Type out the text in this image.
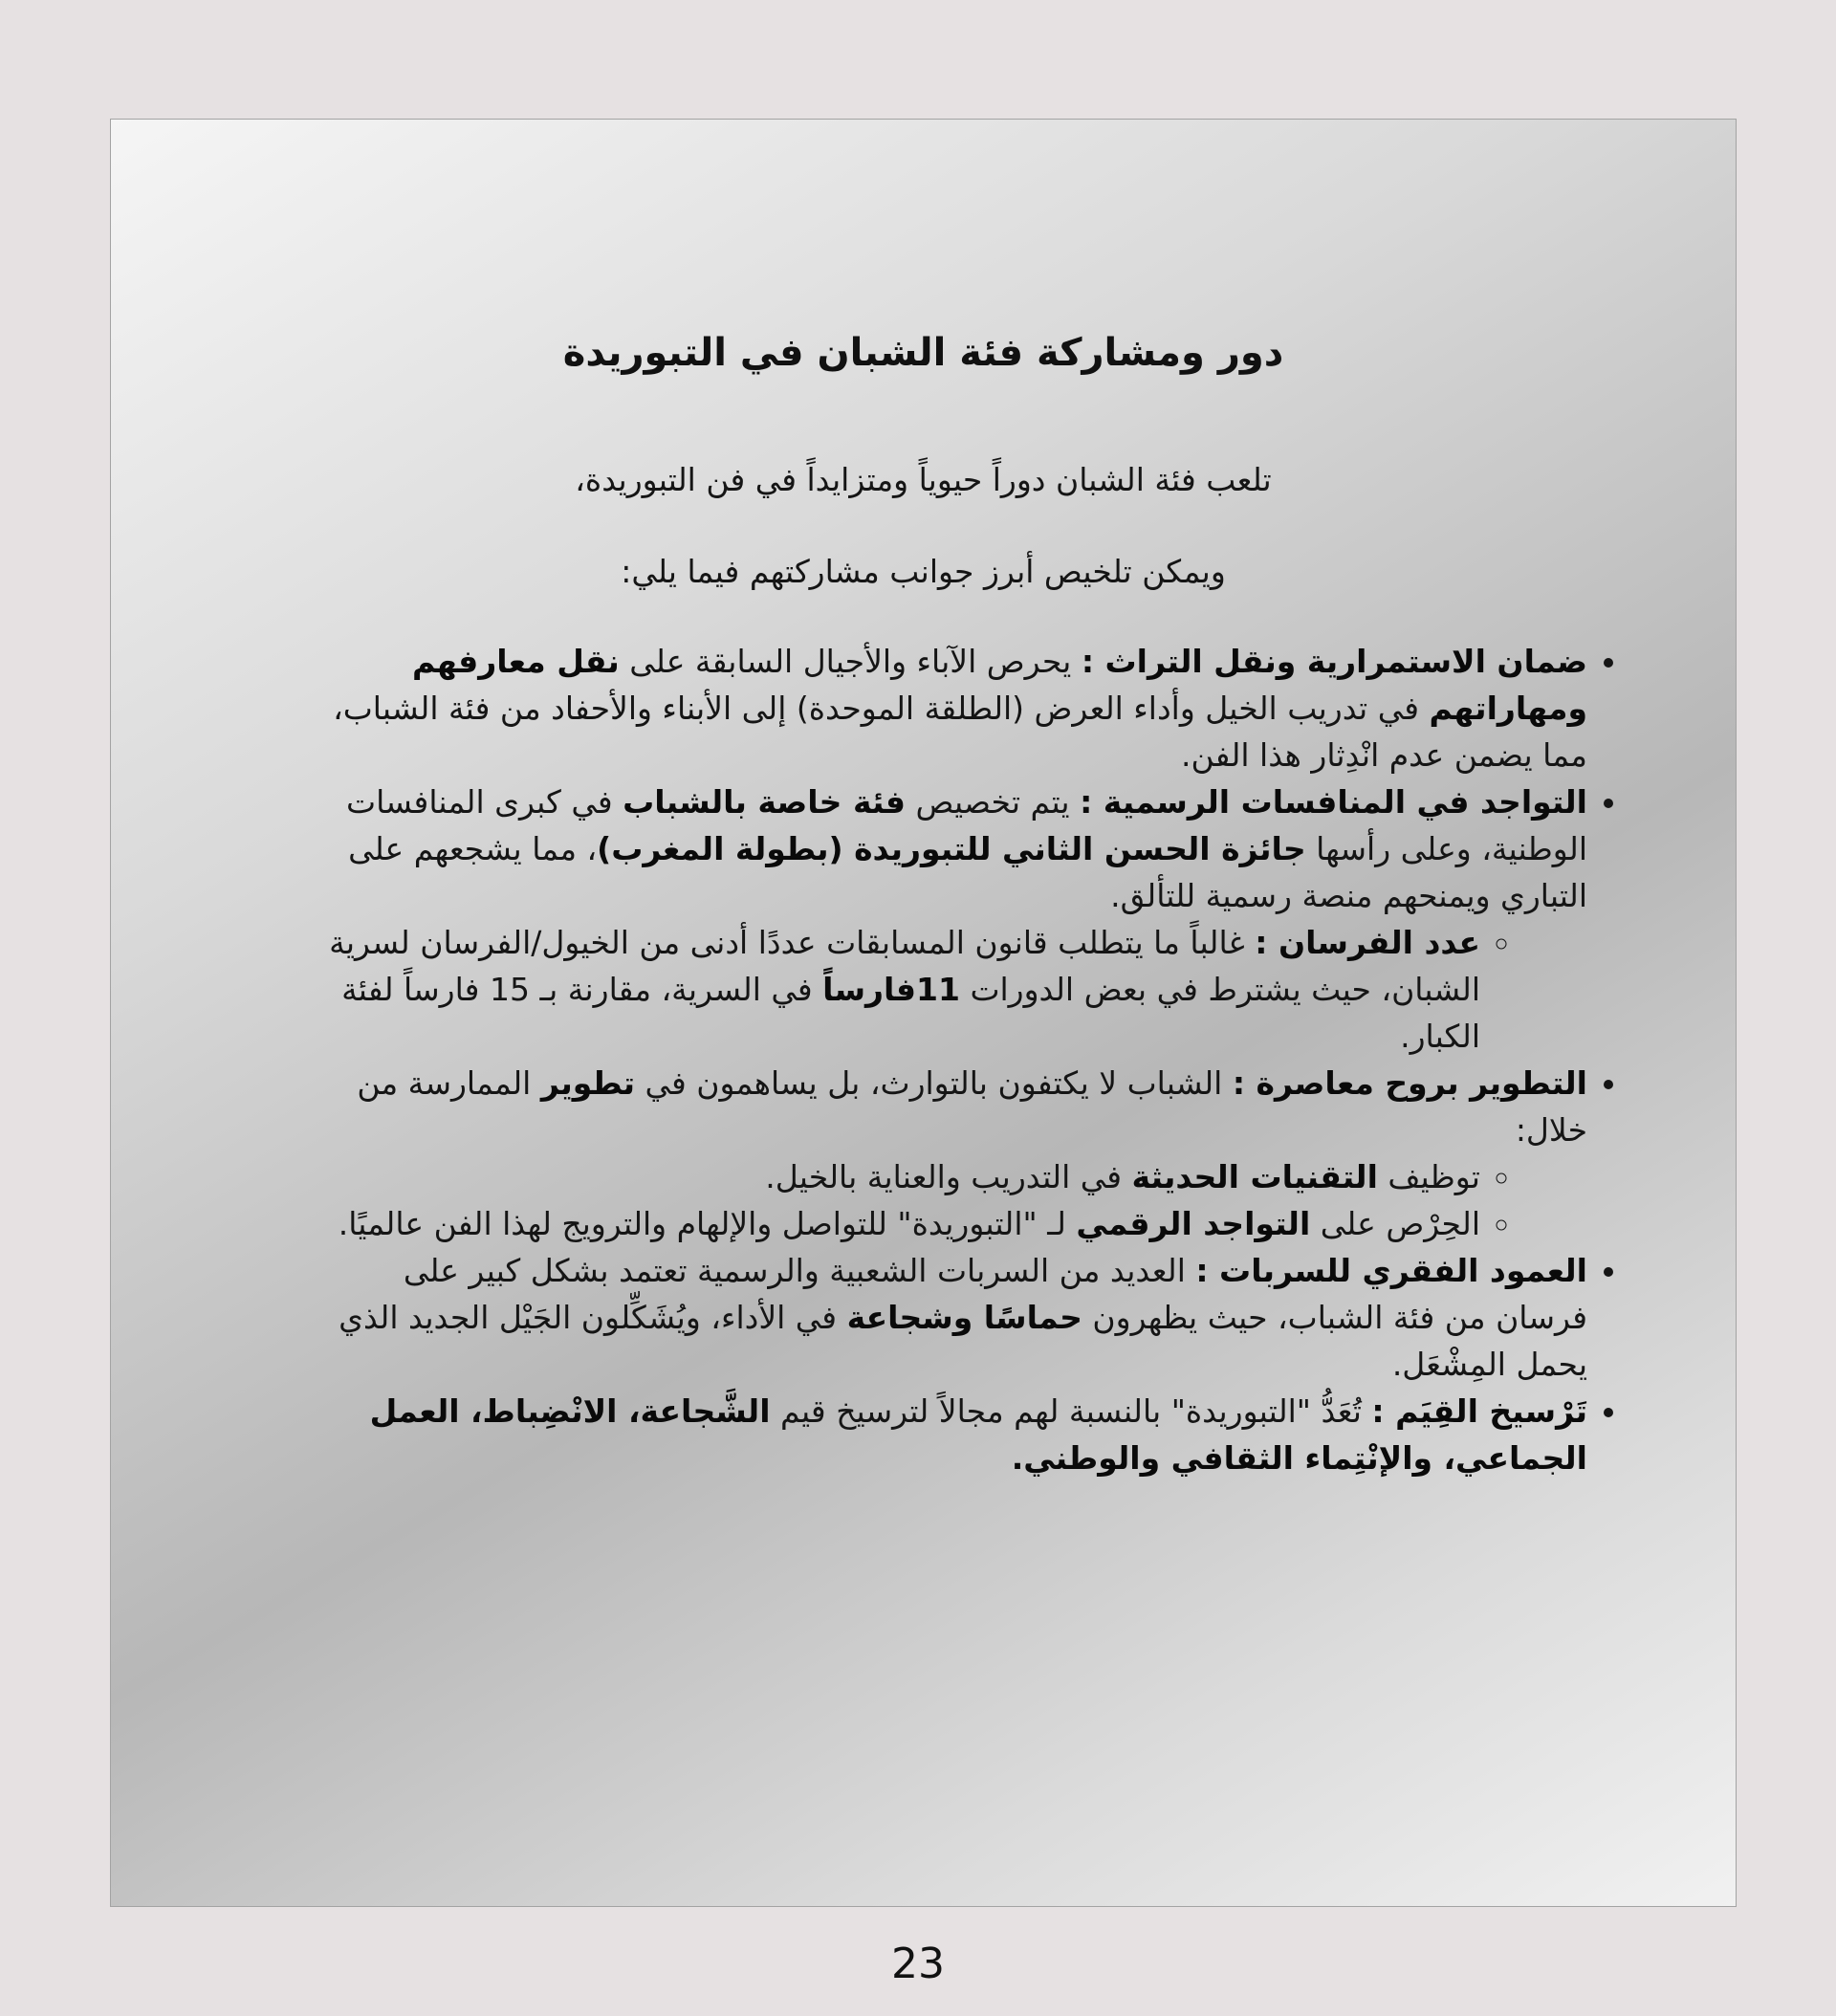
دور ومشاركة فئة الشبان في التبوريدة
تلعب فئة الشبان دوراً حيوياً ومتزايداً في فن التبوريدة،
ويمكن تلخيص أبرز جوانب مشاركتهم فيما يلي:
• ضمان الاستمرارية ونقل التراث : يحرص الآباء والأجيال السابقة على نقل معارفهم ومهاراتهم في تدريب الخيل وأداء العرض (الطلقة الموحدة) إلى الأبناء والأحفاد من فئة الشباب، مما يضمن عدم انْدِثار هذا الفن.
• التواجد في المنافسات الرسمية : يتم تخصيص فئة خاصة بالشباب في كبرى المنافسات الوطنية، وعلى رأسها جائزة الحسن الثاني للتبوريدة (بطولة المغرب)، مما يشجعهم على التباري ويمنحهم منصة رسمية للتألق.
◦ عدد الفرسان : غالباً ما يتطلب قانون المسابقات عددًا أدنى من الخيول/الفرسان لسرية الشبان، حيث يشترط في بعض الدورات 11فارساً في السرية، مقارنة بـ 15 فارساً لفئة الكبار.
• التطوير بروح معاصرة : الشباب لا يكتفون بالتوارث، بل يساهمون في تطوير الممارسة من خلال:
◦ توظيف التقنيات الحديثة في التدريب والعناية بالخيل.
◦ الحِرْص على التواجد الرقمي لـ "التبوريدة" للتواصل والإلهام والترويج لهذا الفن عالميًا.
• العمود الفقري للسربات : العديد من السربات الشعبية والرسمية تعتمد بشكل كبير على فرسان من فئة الشباب، حيث يظهرون حماسًا وشجاعة في الأداء، ويُشَكِّلون الجَيْل الجديد الذي يحمل المِشْعَل.
• تَرْسيخ القِيَم : تُعَدُّ "التبوريدة" بالنسبة لهم مجالاً لترسيخ قيم الشَّجاعة، الانْضِباط، العمل الجماعي، والإنْتِماء الثقافي والوطني.
23
